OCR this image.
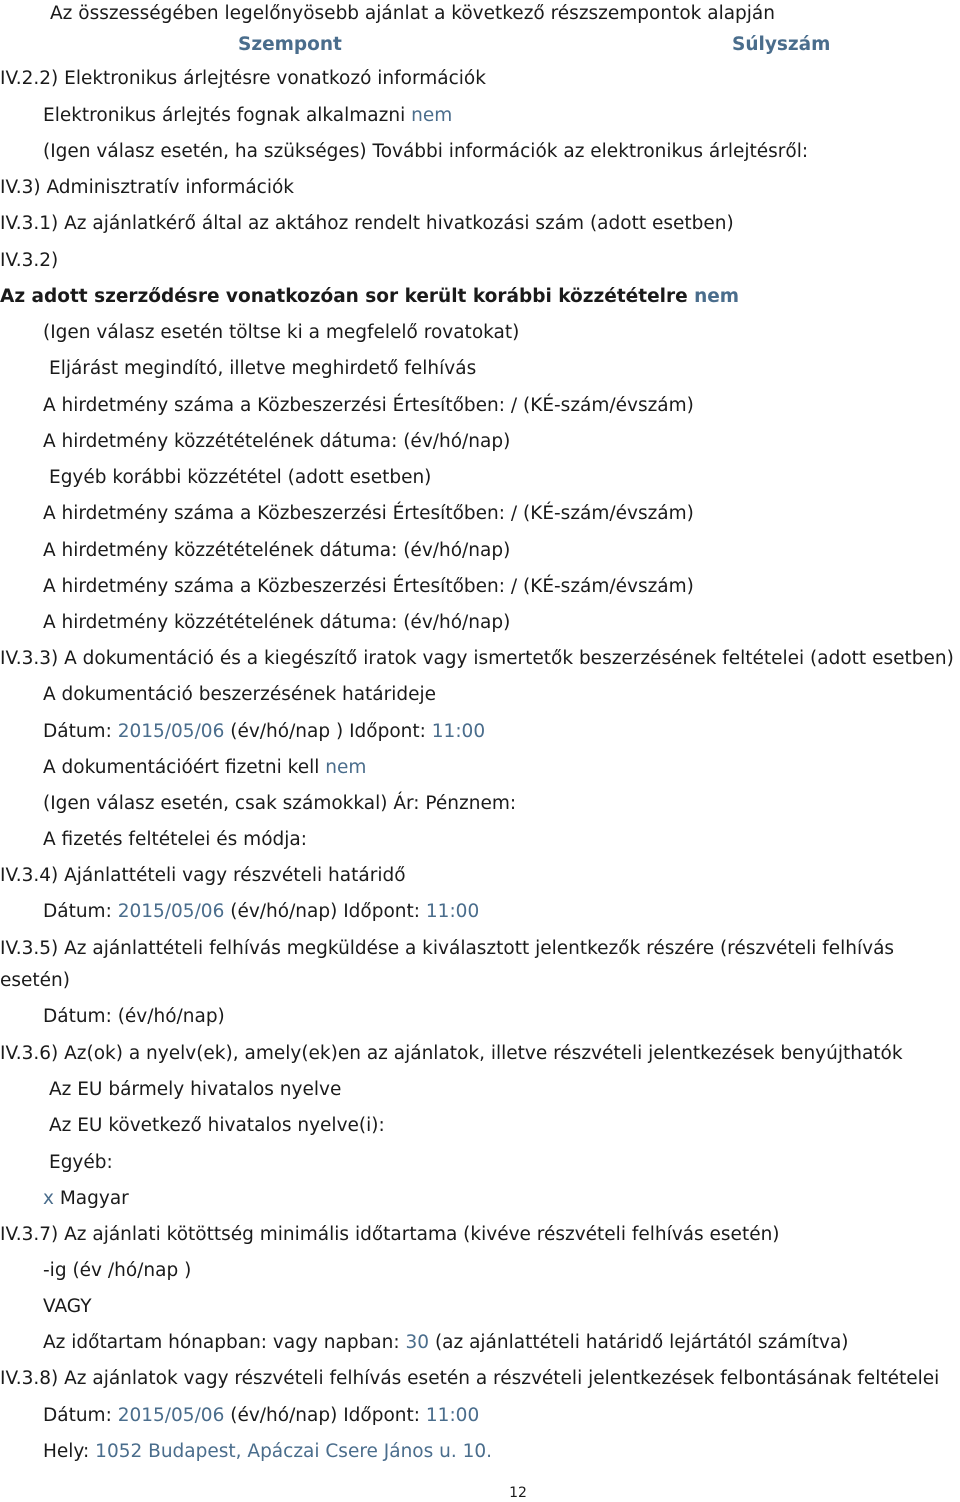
Az összességében legelőnyösebb ajánlat a következő részszempontok alapján
Szempont	Súlyszám
IV.2.2) Elektronikus árlejtésre vonatkozó információk
Elektronikus árlejtés fognak alkalmazni nem
(Igen válasz esetén, ha szükséges) További információk az elektronikus árlejtésről:
IV.3) Adminisztratív információk
IV.3.1) Az ajánlatkérő által az aktához rendelt hivatkozási szám (adott esetben)
IV.3.2)
Az adott szerződésre vonatkozóan sor került korábbi közzétételre nem
(Igen válasz esetén töltse ki a megfelelő rovatokat)
Eljárást megindító, illetve meghirdető felhívás
A hirdetmény száma a Közbeszerzési Értesítőben: / (KÉ-szám/évszám)
A hirdetmény közzétételének dátuma: (év/hó/nap)
Egyéb korábbi közzététel (adott esetben)
A hirdetmény száma a Közbeszerzési Értesítőben: / (KÉ-szám/évszám)
A hirdetmény közzétételének dátuma: (év/hó/nap)
A hirdetmény száma a Közbeszerzési Értesítőben: / (KÉ-szám/évszám)
A hirdetmény közzétételének dátuma: (év/hó/nap)
IV.3.3) A dokumentáció és a kiegészítő iratok vagy ismertetők beszerzésének feltételei (adott esetben)
A dokumentáció beszerzésének határideje
Dátum: 2015/05/06 (év/hó/nap ) Időpont: 11:00
A dokumentációért fizetni kell nem
(Igen válasz esetén, csak számokkal) Ár: Pénznem:
A fizetés feltételei és módja:
IV.3.4) Ajánlattételi vagy részvételi határidő
Dátum: 2015/05/06 (év/hó/nap) Időpont: 11:00
IV.3.5) Az ajánlattételi felhívás megküldése a kiválasztott jelentkezők részére (részvételi felhívás
esetén)
Dátum: (év/hó/nap)
IV.3.6) Az(ok) a nyelv(ek), amely(ek)en az ajánlatok, illetve részvételi jelentkezések benyújthatók
Az EU bármely hivatalos nyelve
Az EU következő hivatalos nyelve(i):
Egyéb:
x Magyar
IV.3.7) Az ajánlati kötöttség minimális időtartama (kivéve részvételi felhívás esetén)
-ig (év /hó/nap )
VAGY
Az időtartam hónapban: vagy napban: 30 (az ajánlattételi határidő lejártától számítva)
IV.3.8) Az ajánlatok vagy részvételi felhívás esetén a részvételi jelentkezések felbontásának feltételei
Dátum: 2015/05/06 (év/hó/nap) Időpont: 11:00
Hely: 1052 Budapest, Apáczai Csere János u. 10.
12
